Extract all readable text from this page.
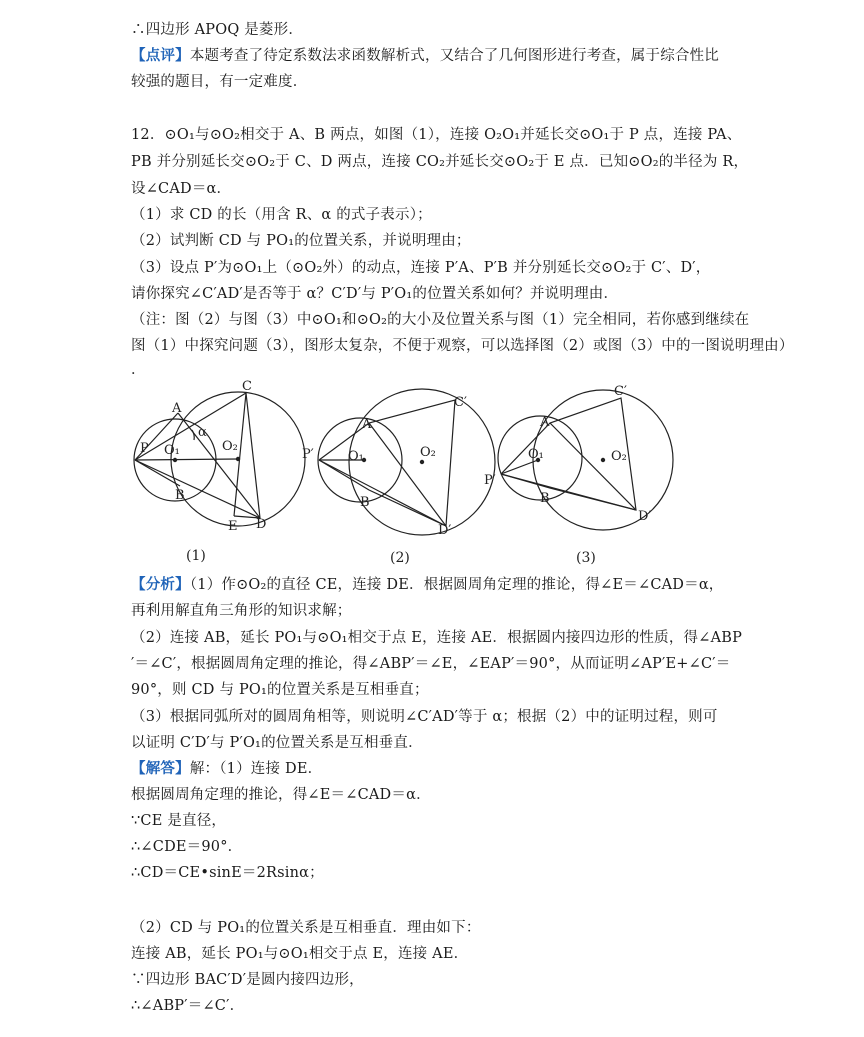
∴四边形 APOQ 是菱形．
【点评】本题考查了待定系数法求函数解析式，又结合了几何图形进行考查，属于综合性比
较强的题目，有一定难度．
12．⊙O₁与⊙O₂相交于 A、B 两点，如图（1），连接 O₂O₁并延长交⊙O₁于 P 点，连接 PA、
PB 并分别延长交⊙O₂于 C、D 两点，连接 CO₂并延长交⊙O₂于 E 点．已知⊙O₂的半径为 R，
设∠CAD＝α．
（1）求 CD 的长（用含 R、α 的式子表示）；
（2）试判断 CD 与 PO₁的位置关系，并说明理由；
（3）设点 P′为⊙O₁上（⊙O₂外）的动点，连接 P′A、P′B 并分别延长交⊙O₂于 C′、D′，
请你探究∠C′AD′是否等于 α？C′D′与 P′O₁的位置关系如何？并说明理由．
（注：图（2）与图（3）中⊙O₁和⊙O₂的大小及位置关系与图（1）完全相同，若你感到继续在
图（1）中探究问题（3），图形太复杂，不便于观察，可以选择图（2）或图（3）中的一图说明理由）
．
C
A
α
P O₁	O₂
B
E D
C′
A
P′	O₁	O₂
B
D′
C′
A
O₁	O₂
P′
B
D′
(1)	(2)	(3)
【分析】（1）作⊙O₂的直径 CE，连接 DE．根据圆周角定理的推论，得∠E＝∠CAD＝α，
再利用解直角三角形的知识求解；
（2）连接 AB，延长 PO₁与⊙O₁相交于点 E，连接 AE．根据圆内接四边形的性质，得∠ABP
′＝∠C′，根据圆周角定理的推论，得∠ABP′＝∠E，∠EAP′＝90°，从而证明∠AP′E+∠C′＝
90°，则 CD 与 PO₁的位置关系是互相垂直；
（3）根据同弧所对的圆周角相等，则说明∠C′AD′等于 α；根据（2）中的证明过程，则可
以证明 C′D′与 P′O₁的位置关系是互相垂直．
【解答】解：（1）连接 DE．
根据圆周角定理的推论，得∠E＝∠CAD＝α．
∵CE 是直径，
∴∠CDE＝90°．
∴CD＝CE•sinE＝2Rsinα；
（2）CD 与 PO₁的位置关系是互相垂直．理由如下：
连接 AB，延长 PO₁与⊙O₁相交于点 E，连接 AE．
∵四边形 BAC′D′是圆内接四边形，
∴∠ABP′＝∠C′．
